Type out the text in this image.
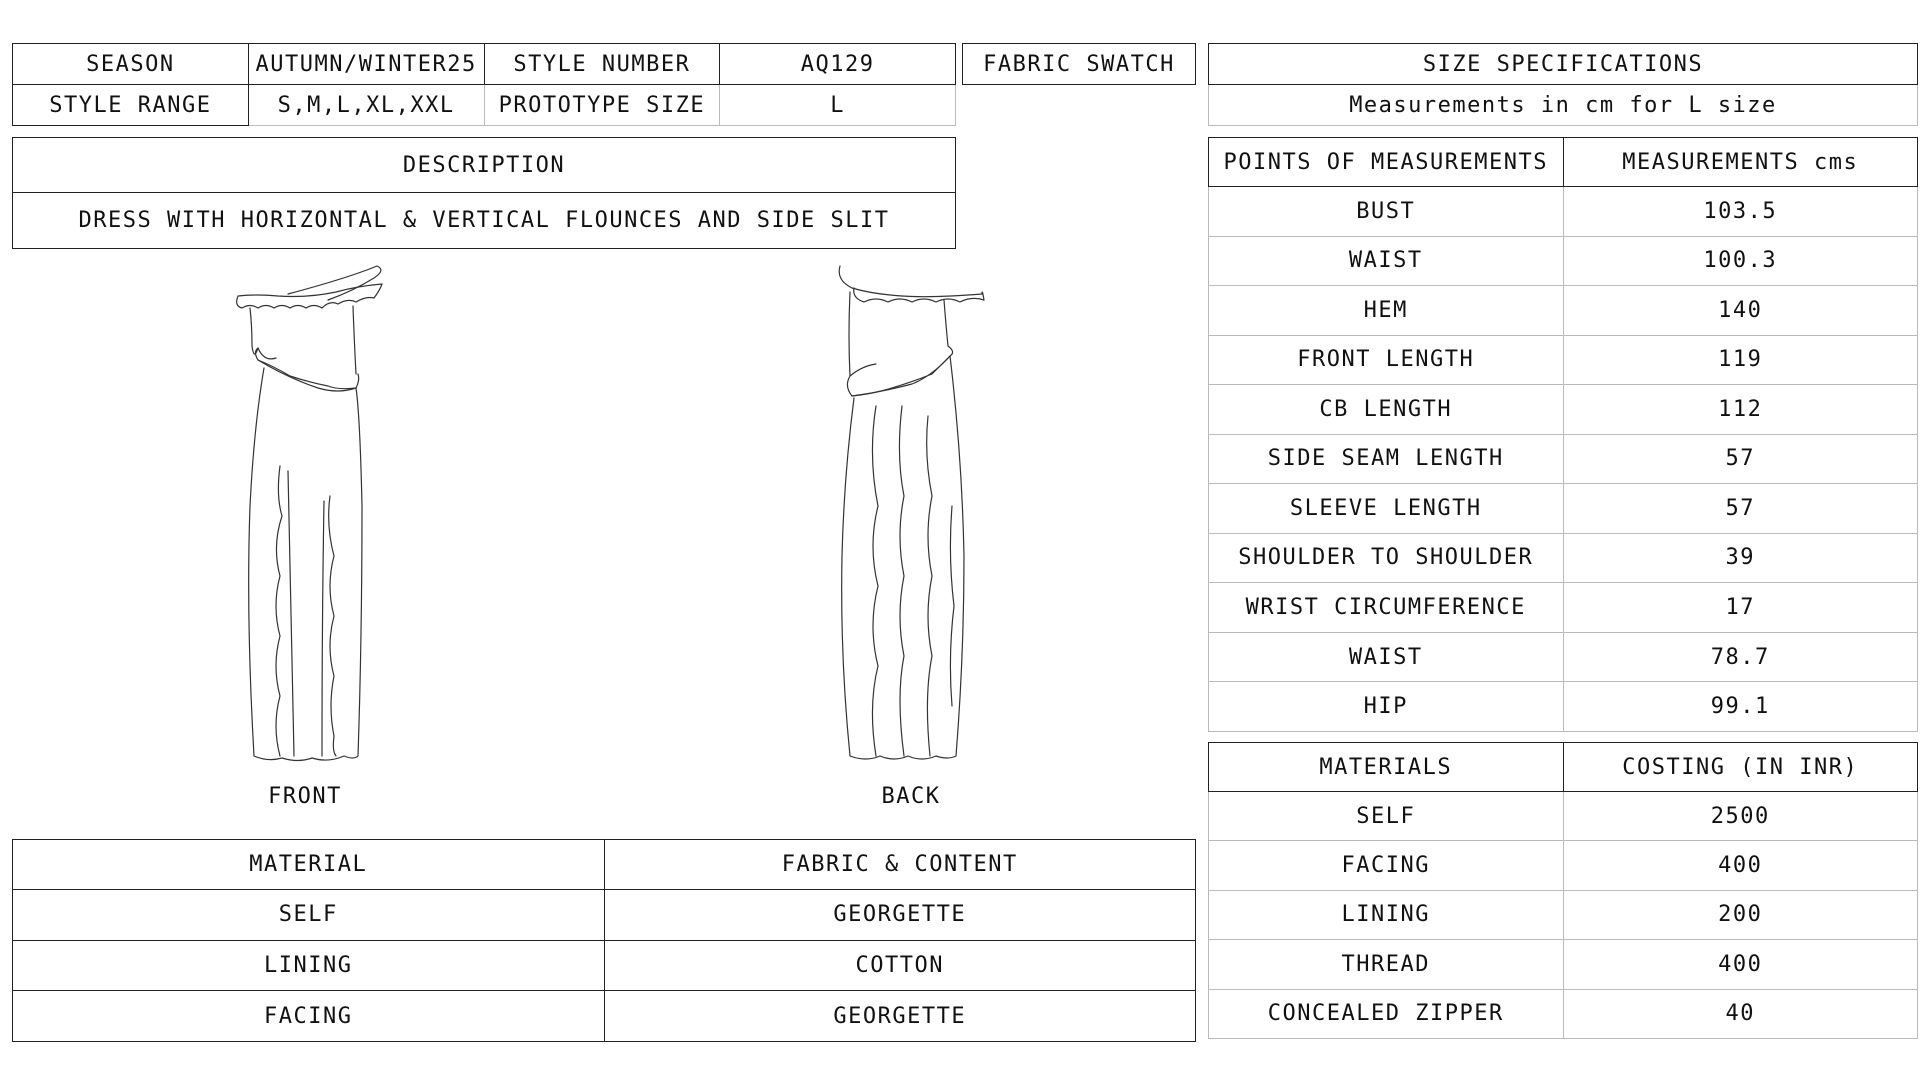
SEASON	AUTUMN/WINTER25	STYLE NUMBER	AQ129
STYLE RANGE	S,M,L,XL,XXL	PROTOTYPE SIZE	L
FABRIC SWATCH
DESCRIPTION
DRESS WITH HORIZONTAL & VERTICAL FLOUNCES AND SIDE SLIT
FRONT	BACK
SIZE SPECIFICATIONS
Measurements in cm for L size
POINTS OF MEASUREMENTS	MEASUREMENTS cms
BUST	103.5
WAIST	100.3
HEM	140
FRONT LENGTH	119
CB LENGTH	112
SIDE SEAM LENGTH	57
SLEEVE LENGTH	57
SHOULDER TO SHOULDER	39
WRIST CIRCUMFERENCE	17
WAIST	78.7
HIP	99.1
MATERIALS	COSTING (IN INR)
SELF	2500
FACING	400
LINING	200
THREAD	400
CONCEALED ZIPPER	40
MATERIAL	FABRIC & CONTENT
SELF	GEORGETTE
LINING	COTTON
FACING	GEORGETTE
